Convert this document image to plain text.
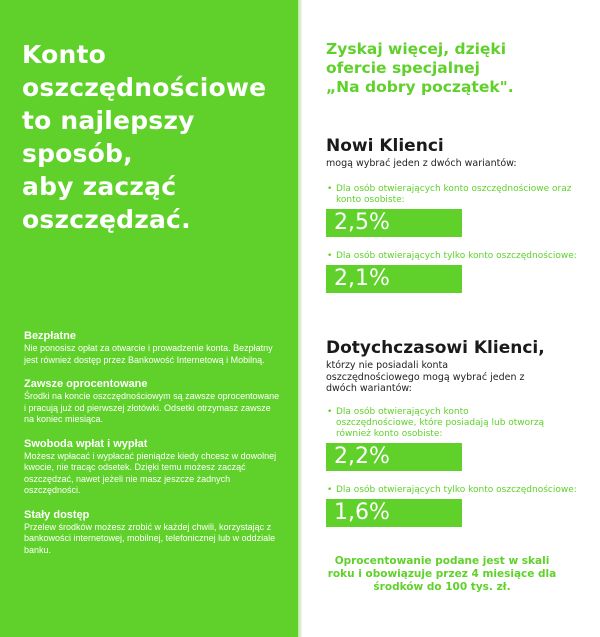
Konto
oszczędnościowe
to najlepszy
sposób,
aby zacząć
oszczędzać.
Bezpłatne

Nie ponosisz opłat za otwarcie i prowadzenie konta. Bezpłatny jest również dostęp przez Bankowość Internetową i Mobilną.

Zawsze oprocentowane

Środki na koncie oszczędnościowym są zawsze oprocentowane i pracują już od pierwszej złotówki. Odsetki otrzymasz zawsze na koniec miesiąca.

Swoboda wpłat i wypłat

Możesz wpłacać i wypłacać pieniądze kiedy chcesz w dowolnej kwocie, nie tracąc odsetek. Dzięki temu możesz zacząć oszczędzać, nawet jeżeli nie masz jeszcze żadnych oszczędności.

Stały dostęp

Przelew środków możesz zrobić w każdej chwili, korzystając z bankowości internetowej, mobilnej, telefonicznej lub w oddziale banku.

Zyskaj więcej, dzięki
ofercie specjalnej
„Na dobry początek".
Nowi Klienci

mogą wybrać jeden z dwóch wariantów:

• Dla osób otwierających konto oszczędnościowe oraz konto osobiste:
2,5%
• Dla osób otwierających tylko konto oszczędnościowe:
2,1%
Dotychczasowi Klienci,

którzy nie posiadali konta oszczędnościowego mogą wybrać jeden z dwóch wariantów:

• Dla osób otwierających konto oszczędnościowe, które posiadają lub otworzą również konto osobiste:
2,2%
• Dla osób otwierających tylko konto oszczędnościowe:
1,6%
Oprocentowanie podane jest w skali roku i obowiązuje przez 4 miesiące dla środków do 100 tys. zł.
